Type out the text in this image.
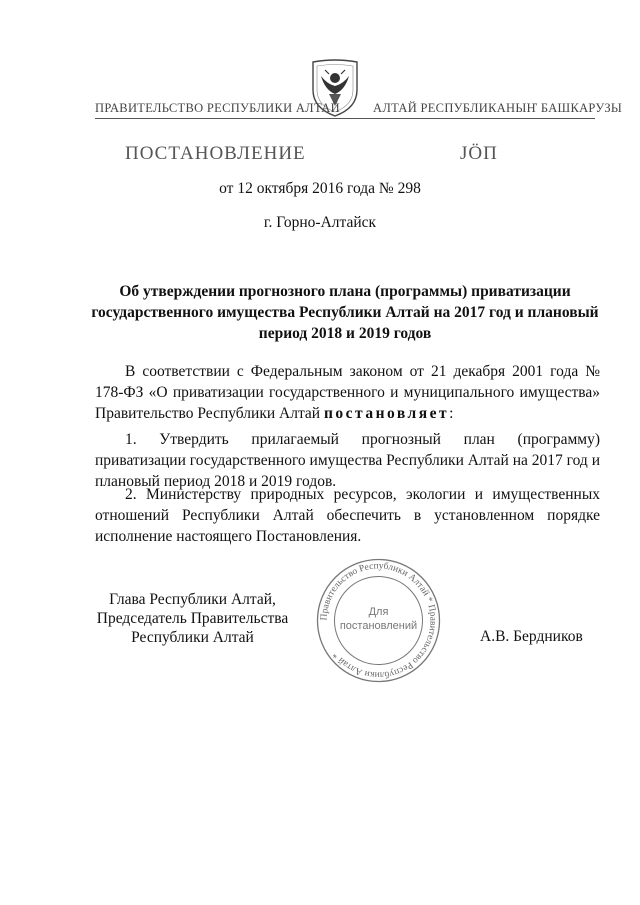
ПРАВИТЕЛЬСТВО РЕСПУБЛИКИ АЛТАЙ	АЛТАЙ РЕСПУБЛИКАНЫҤ БАШКАРУЗЫ
ПОСТАНОВЛЕНИЕ	ЈÖП
от 12 октября 2016 года № 298
г. Горно-Алтайск
Об утверждении прогнозного плана (программы) приватизации государственного имущества Республики Алтай на 2017 год и плановый период 2018 и 2019 годов
В соответствии с Федеральным законом от 21 декабря 2001 года № 178-ФЗ «О приватизации государственного и муниципального имущества» Правительство Республики Алтай постановляет:
1. Утвердить прилагаемый прогнозный план (программу) приватизации государственного имущества Республики Алтай на 2017 год и плановый период 2018 и 2019 годов.
2. Министерству природных ресурсов, экологии и имущественных отношений Республики Алтай обеспечить в установленном порядке исполнение настоящего Постановления.
Глава Республики Алтай,
Председатель Правительства
Республики Алтай	А.В. Бердников
Правительство Республики Алтай * Правительство Республики Алтай *
Для
постановлений
